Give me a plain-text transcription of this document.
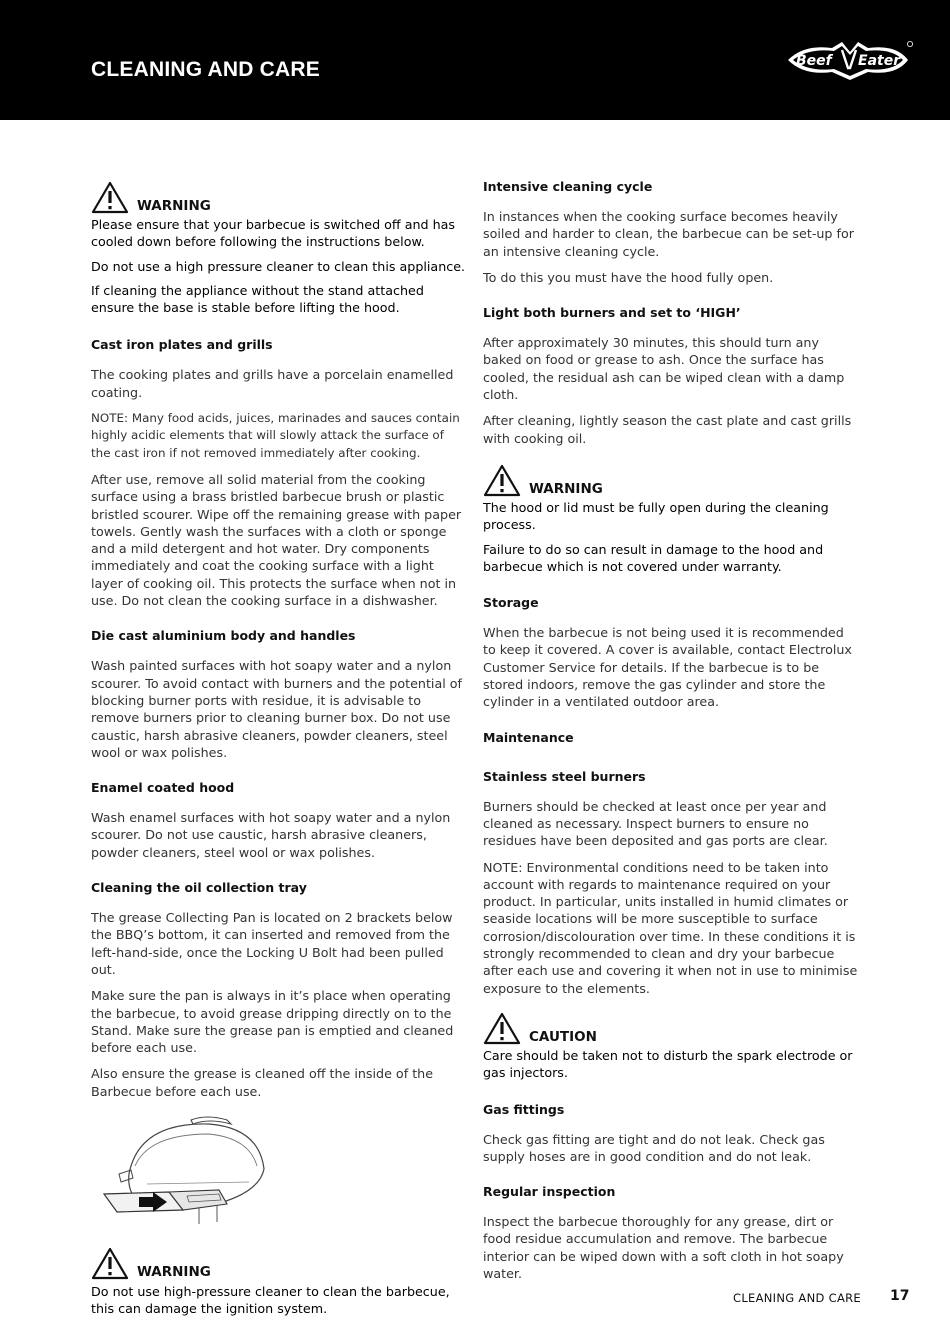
CLEANING AND CARE	Beef Eater
WARNING

Please ensure that your barbecue is switched off and has cooled down before following the instructions below.

Do not use a high pressure cleaner to clean this appliance.

If cleaning the appliance without the stand attached ensure the base is stable before lifting the hood.

Cast iron plates and grills

The cooking plates and grills have a porcelain enamelled coating.

NOTE: Many food acids, juices, marinades and sauces contain highly acidic elements that will slowly attack the surface of the cast iron if not removed immediately after cooking.

After use, remove all solid material from the cooking surface using a brass bristled barbecue brush or plastic bristled scourer. Wipe off the remaining grease with paper towels. Gently wash the surfaces with a cloth or sponge and a mild detergent and hot water. Dry components immediately and coat the cooking surface with a light layer of cooking oil. This protects the surface when not in use. Do not clean the cooking surface in a dishwasher.

Die cast aluminium body and handles

Wash painted surfaces with hot soapy water and a nylon scourer. To avoid contact with burners and the potential of blocking burner ports with residue, it is advisable to remove burners prior to cleaning burner box. Do not use caustic, harsh abrasive cleaners, powder cleaners, steel wool or wax polishes.

Enamel coated hood

Wash enamel surfaces with hot soapy water and a nylon scourer. Do not use caustic, harsh abrasive cleaners, powder cleaners, steel wool or wax polishes.

Cleaning the oil collection tray

The grease Collecting Pan is located on 2 brackets below the BBQ’s bottom, it can inserted and removed from the left-hand-side, once the Locking U Bolt had been pulled out.

Make sure the pan is always in it’s place when operating the barbecue, to avoid grease dripping directly on to the Stand. Make sure the grease pan is emptied and cleaned before each use.

Also ensure the grease is cleaned off the inside of the Barbecue before each use.

WARNING

Do not use high-pressure cleaner to clean the barbecue, this can damage the ignition system.

Intensive cleaning cycle

In instances when the cooking surface becomes heavily soiled and harder to clean, the barbecue can be set-up for an intensive cleaning cycle.

To do this you must have the hood fully open.

Light both burners and set to ‘HIGH’

After approximately 30 minutes, this should turn any baked on food or grease to ash. Once the surface has cooled, the residual ash can be wiped clean with a damp cloth.

After cleaning, lightly season the cast plate and cast grills with cooking oil.

WARNING

The hood or lid must be fully open during the cleaning process.

Failure to do so can result in damage to the hood and barbecue which is not covered under warranty.

Storage

When the barbecue is not being used it is recommended to keep it covered. A cover is available, contact Electrolux Customer Service for details. If the barbecue is to be stored indoors, remove the gas cylinder and store the cylinder in a ventilated outdoor area.

Maintenance
Stainless steel burners

Burners should be checked at least once per year and cleaned as necessary. Inspect burners to ensure no residues have been deposited and gas ports are clear.

NOTE: Environmental conditions need to be taken into account with regards to maintenance required on your product. In particular, units installed in humid climates or seaside locations will be more susceptible to surface corrosion/discolouration over time. In these conditions it is strongly recommended to clean and dry your barbecue after each use and covering it when not in use to minimise exposure to the elements.

CAUTION

Care should be taken not to disturb the spark electrode or gas injectors.

Gas fittings

Check gas fitting are tight and do not leak. Check gas supply hoses are in good condition and do not leak.

Regular inspection

Inspect the barbecue thoroughly for any grease, dirt or food residue accumulation and remove. The barbecue interior can be wiped down with a soft cloth in hot soapy water.

CLEANING AND CARE 17
